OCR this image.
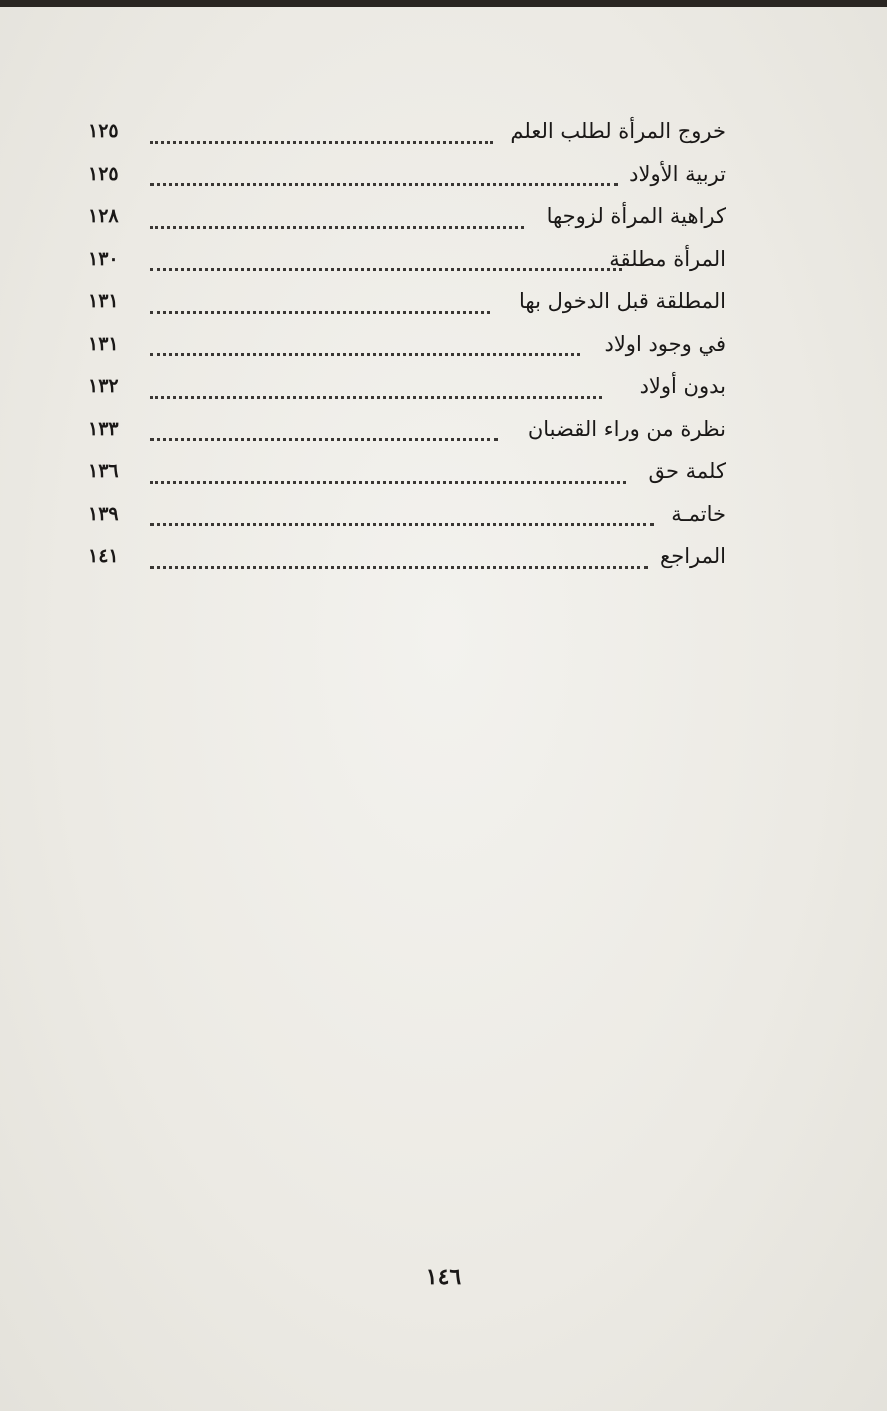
١٢٥	خروج المرأة لطلب العلم
١٢٥	تربية الأولاد
١٢٨	كراهية المرأة لزوجها
١٣٠	المرأة مطلقة
١٣١	المطلقة قبل الدخول بها
١٣١	في وجود اولاد
١٣٢	بدون أولاد
١٣٣	نظرة من وراء القضبان
١٣٦	كلمة حق
١٣٩	خاتمـة
١٤١	المراجع
١٤٦
